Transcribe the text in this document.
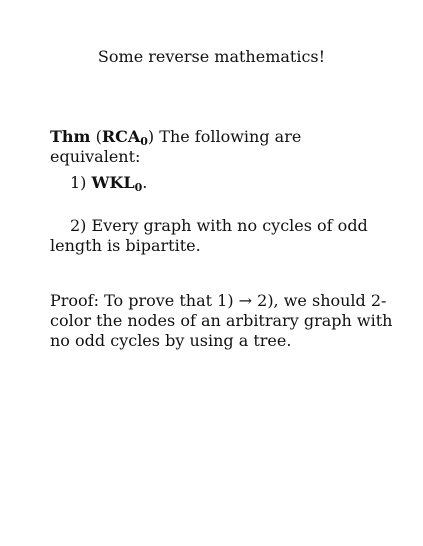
Some reverse mathematics!
Thm $(RCA_0)$ The following are equivalent:
1) $WKL_0$.
2) Every graph with no cycles of odd length is bipartite.
Proof: To prove that 1) → 2), we should 2-color the nodes of an arbitrary graph with no odd cycles by using a tree.
